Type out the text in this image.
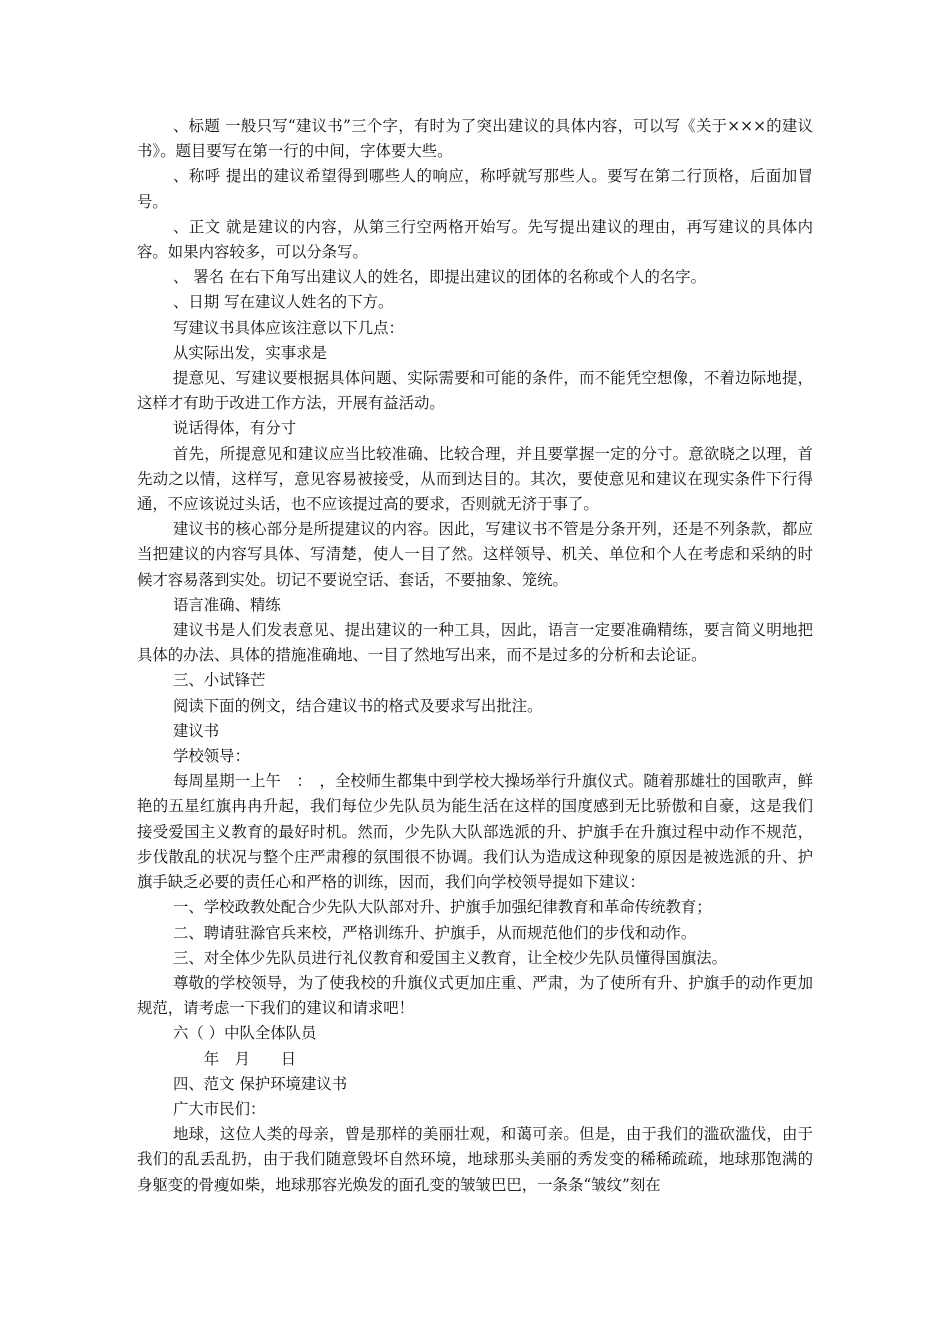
、标题 一般只写“建议书”三个字，有时为了突出建议的具体内容，可以写《关于×××的建议书》。题目要写在第一行的中间，字体要大些。

、称呼 提出的建议希望得到哪些人的响应，称呼就写那些人。要写在第二行顶格，后面加冒号。

、正文 就是建议的内容，从第三行空两格开始写。先写提出建议的理由，再写建议的具体内容。如果内容较多，可以分条写。

、 署名 在右下角写出建议人的姓名，即提出建议的团体的名称或个人的名字。

、日期 写在建议人姓名的下方。

写建议书具体应该注意以下几点：

从实际出发，实事求是

提意见、写建议要根据具体问题、实际需要和可能的条件，而不能凭空想像，不着边际地提，这样才有助于改进工作方法，开展有益活动。

说话得体，有分寸

首先，所提意见和建议应当比较准确、比较合理，并且要掌握一定的分寸。意欲晓之以理，首先动之以情，这样写，意见容易被接受，从而到达目的。其次，要使意见和建议在现实条件下行得通，不应该说过头话，也不应该提过高的要求，否则就无济于事了。

建议书的核心部分是所提建议的内容。因此，写建议书不管是分条开列，还是不列条款，都应当把建议的内容写具体、写清楚，使人一目了然。这样领导、机关、单位和个人在考虑和采纳的时候才容易落到实处。切记不要说空话、套话，不要抽象、笼统。

语言准确、精练

建议书是人们发表意见、提出建议的一种工具，因此，语言一定要准确精练，要言简义明地把具体的办法、具体的措施准确地、一目了然地写出来，而不是过多的分析和去论证。

三、小试锋芒

阅读下面的例文，结合建议书的格式及要求写出批注。

建议书

学校领导：

每周星期一上午　：　，全校师生都集中到学校大操场举行升旗仪式。随着那雄壮的国歌声，鲜艳的五星红旗冉冉升起，我们每位少先队员为能生活在这样的国度感到无比骄傲和自豪，这是我们接受爱国主义教育的最好时机。然而，少先队大队部选派的升、护旗手在升旗过程中动作不规范，步伐散乱的状况与整个庄严肃穆的氛围很不协调。我们认为造成这种现象的原因是被选派的升、护旗手缺乏必要的责任心和严格的训练，因而，我们向学校领导提如下建议：

一、学校政教处配合少先队大队部对升、护旗手加强纪律教育和革命传统教育；

二、聘请驻滁官兵来校，严格训练升、护旗手，从而规范他们的步伐和动作。

三、对全体少先队员进行礼仪教育和爱国主义教育，让全校少先队员懂得国旗法。

尊敬的学校领导，为了使我校的升旗仪式更加庄重、严肃，为了使所有升、护旗手的动作更加规范，请考虑一下我们的建议和请求吧！

六（ ）中队全体队员

　　年　月　　日

四、范文 保护环境建议书

广大市民们：

地球，这位人类的母亲，曾是那样的美丽壮观，和蔼可亲。但是，由于我们的滥砍滥伐，由于我们的乱丢乱扔，由于我们随意毁坏自然环境，地球那头美丽的秀发变的稀稀疏疏，地球那饱满的身躯变的骨瘦如柴，地球那容光焕发的面孔变的皱皱巴巴，一条条“皱纹”刻在
